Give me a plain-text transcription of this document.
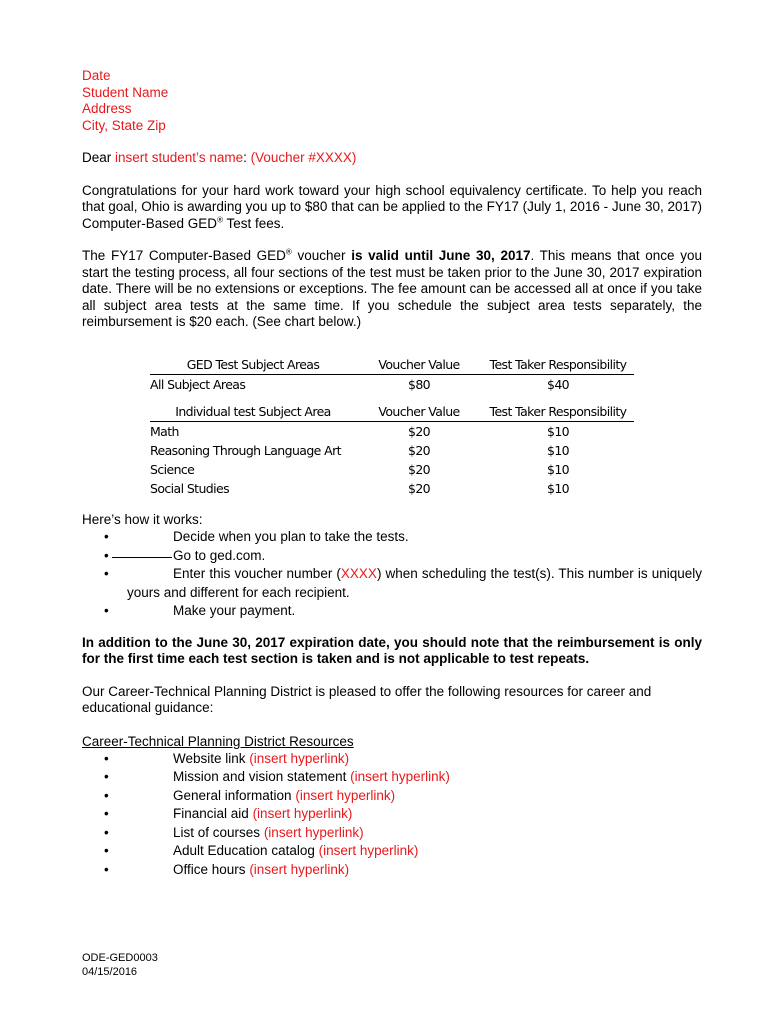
Date
Student Name
Address
City, State Zip

Dear insert student’s name: (Voucher #XXXX)

Congratulations for your hard work toward your high school equivalency certificate. To help you reach that goal, Ohio is awarding you up to $80 that can be applied to the FY17 (July 1, 2016 - June 30, 2017) Computer-Based GED® Test fees.

The FY17 Computer-Based GED® voucher is valid until June 30, 2017. This means that once you start the testing process, all four sections of the test must be taken prior to the June 30, 2017 expiration date. There will be no extensions or exceptions. The fee amount can be accessed all at once if you take all subject area tests at the same time. If you schedule the subject area tests separately, the reimbursement is $20 each. (See chart below.)

GED Test Subject Areas	Voucher Value	Test Taker Responsibility
All Subject Areas	$80	$40

Individual test Subject Area	Voucher Value	Test Taker Responsibility
Math	$20	$10
Reasoning Through Language Art	$20	$10
Science	$20	$10
Social Studies	$20	$10

Here’s how it works:

•	Decide when you plan to take the tests.
•	Go to ged.com.
•	Enter this voucher number (XXXX) when scheduling the test(s). This number is uniquely yours and different for each recipient.
•	Make your payment.

In addition to the June 30, 2017 expiration date, you should note that the reimbursement is only for the first time each test section is taken and is not applicable to test repeats.

Our Career-Technical Planning District is pleased to offer the following resources for career and educational guidance:

Career-Technical Planning District Resources

•	Website link (insert hyperlink)
•	Mission and vision statement (insert hyperlink)
•	General information (insert hyperlink)
•	Financial aid (insert hyperlink)
•	List of courses (insert hyperlink)
•	Adult Education catalog (insert hyperlink)
•	Office hours (insert hyperlink)
ODE-GED0003
04/15/2016
